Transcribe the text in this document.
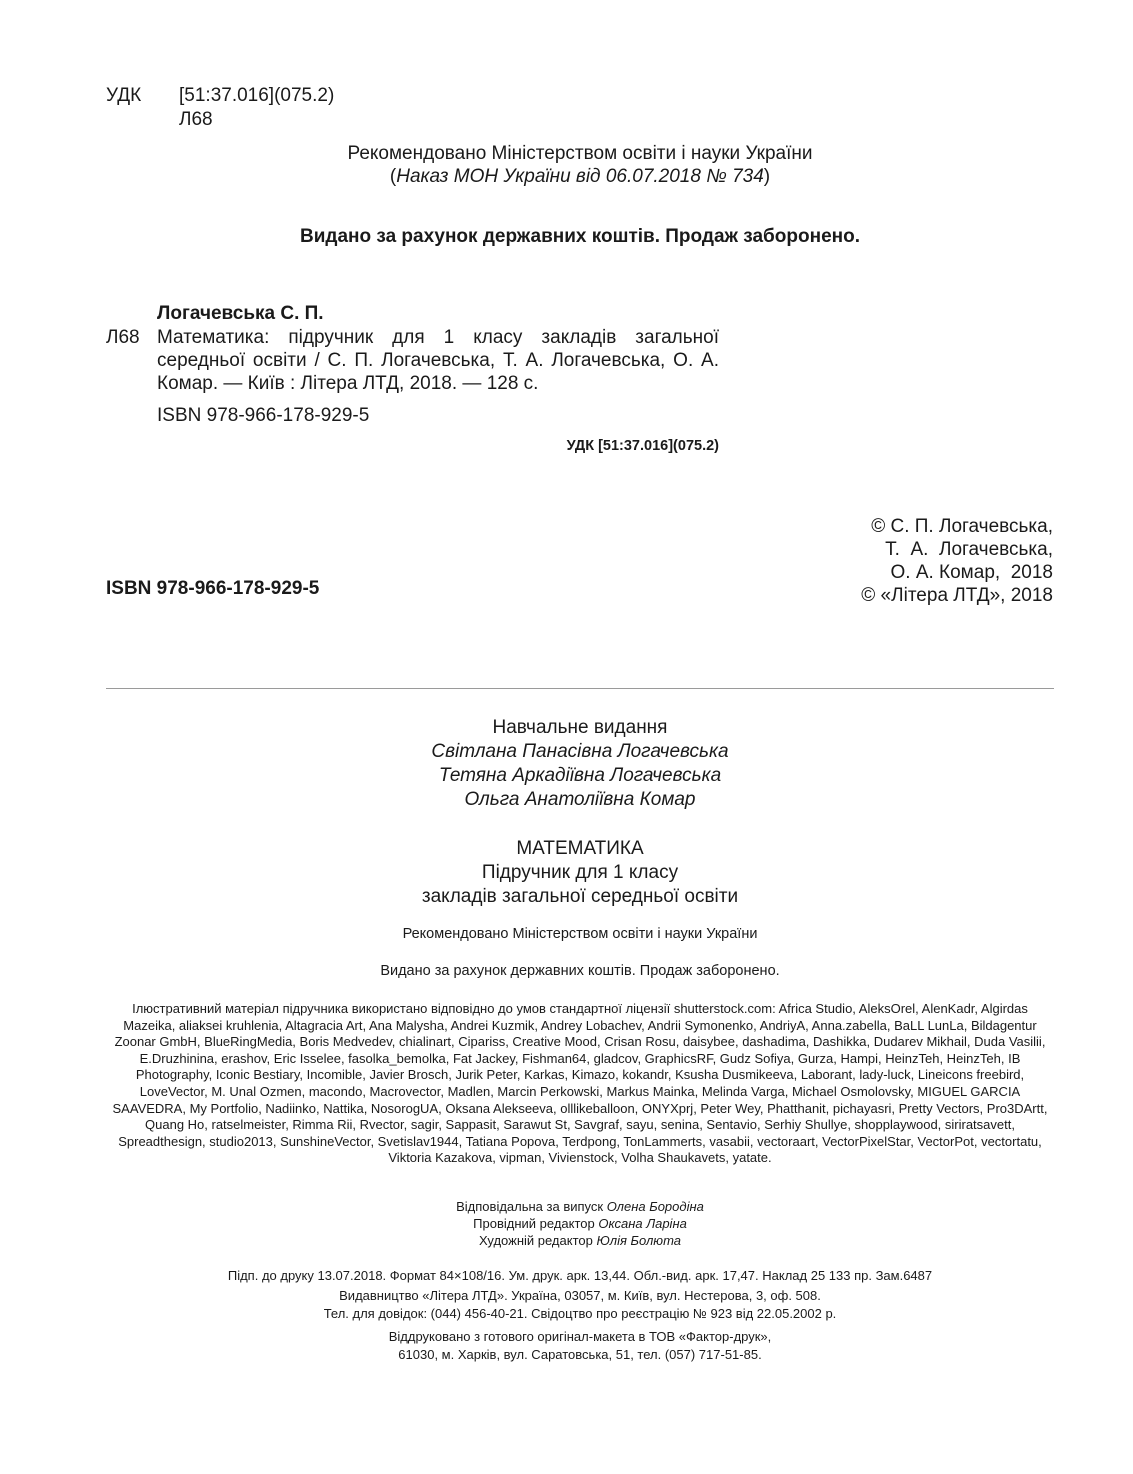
УДК [51:37.016](075.2)
Л68
Рекомендовано Міністерством освіти і науки України
(Наказ МОН України від 06.07.2018 № 734)
Видано за рахунок державних коштів. Продаж заборонено.
Логачевська С. П.
Л68 Математика: підручник для 1 класу закладів загальної середньої освіти / С. П. Логачевська, Т. А. Логачевська, О. А. Комар. — Київ : Літера ЛТД, 2018. — 128 с.
ISBN 978-966-178-929-5
УДК [51:37.016](075.2)
© С. П. Логачевська,
Т.  А.  Логачевська,
О. А. Комар,  2018
© «Літера ЛТД», 2018
ISBN 978-966-178-929-5
Навчальне видання
Світлана Панасівна Логачевська
Тетяна Аркадіївна Логачевська
Ольга Анатоліївна Комар
МАТЕМАТИКА
Підручник для 1 класу
закладів загальної середньої освіти
Рекомендовано Міністерством освіти і науки України
Видано за рахунок державних коштів. Продаж заборонено.
Ілюстративний матеріал підручника використано відповідно до умов стандартної ліцензії shutterstock.com: Africa Studio, AleksOrel, AlenKadr, Algirdas Mazeika, aliaksei kruhlenia, Altagracia Art, Ana Malysha, Andrei Kuzmik, Andrey Lobachev, Andrii Symonenko, AndriyA, Anna.zabella, BaLL LunLa, Bildagentur Zoonar GmbH, BlueRingMedia, Boris Medvedev, chialinart, Cipariss, Creative Mood, Crisan Rosu, daisybee, dashadima, Dashikka, Dudarev Mikhail, Duda Vasilii, E.Druzhinina, erashov, Eric Isselee, fasolka_bemolka, Fat Jackey, Fishman64, gladcov, GraphicsRF, Gudz Sofiya, Gurza, Hampi, HeinzTeh, HeinzTeh, IB Photography, Iconic Bestiary, Incomible, Javier Brosch, Jurik Peter, Karkas, Kimazo, kokandr, Ksusha Dusmikeeva, Laborant, lady-luck, Lineicons freebird, LoveVector, M. Unal Ozmen, macondo, Macrovector, Madlen, Marcin Perkowski, Markus Mainka, Melinda Varga, Michael Osmolovsky, MIGUEL GARCIA SAAVEDRA, My Portfolio, Nadiinko, Nattika, NosorogUA, Oksana Alekseeva, olllikeballoon, ONYXprj, Peter Wey, Phatthanit, pichayasri, Pretty Vectors, Pro3DArtt, Quang Ho, ratselmeister, Rimma Rii, Rvector, sagir, Sappasit, Sarawut St, Savgraf, sayu, senina, Sentavio, Serhiy Shullye, shopplaywood, siriratsavett, Spreadthesign, studio2013, SunshineVector, Svetislav1944, Tatiana Popova, Terdpong, TonLammerts, vasabii, vectoraart, VectorPixelStar, VectorPot, vectortatu, Viktoria Kazakova, vipman, Vivienstock, Volha Shaukavets, yatate.
Відповідальна за випуск Олена Бородіна
Провідний редактор Оксана Ларіна
Художній редактор Юлія Болюта
Підп. до друку 13.07.2018. Формат 84×108/16. Ум. друк. арк. 13,44. Обл.-вид. арк. 17,47. Наклад 25 133 пр. Зам.6487
Видавництво «Літера ЛТД». Україна, 03057, м. Київ, вул. Нестерова, 3, оф. 508.
Тел. для довідок: (044) 456-40-21. Свідоцтво про реєстрацію № 923 від 22.05.2002 р.
Віддруковано з готового оригінал-макета в ТОВ «Фактор-друк»,
61030, м. Харків, вул. Саратовська, 51, тел. (057) 717-51-85.
